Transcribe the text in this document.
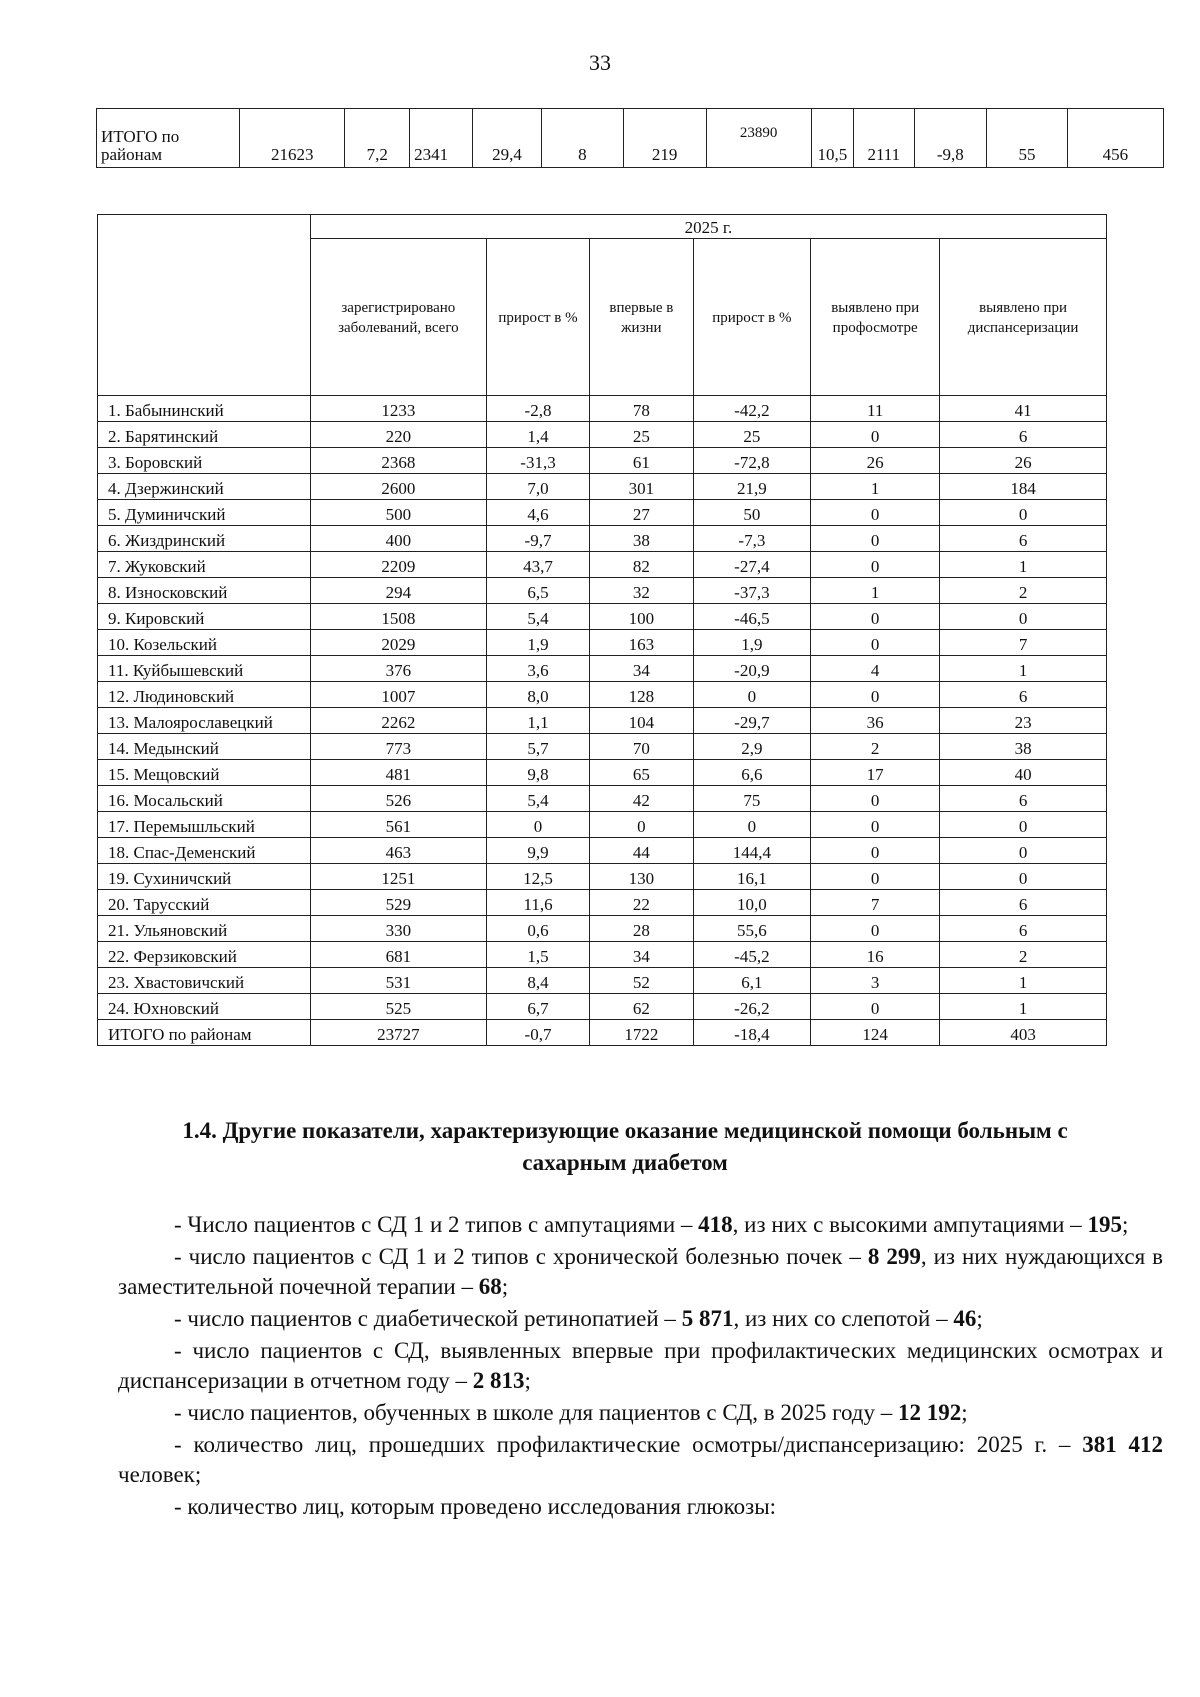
33
ИТОГО по районам	21623	7,2	2341	29,4	8	219	23890	10,5	2111	-9,8	55	456
	2025 г.					
	зарегистрировано заболеваний, всего	прирост в %	впервые в жизни	прирост в %	выявлено при профосмотре	выявлено при диспансеризации
1. Бабынинский	1233	-2,8	78	-42,2	11	41
2. Барятинский	220	1,4	25	25	0	6
3. Боровский	2368	-31,3	61	-72,8	26	26
4. Дзержинский	2600	7,0	301	21,9	1	184
5. Думиничский	500	4,6	27	50	0	0
6. Жиздринский	400	-9,7	38	-7,3	0	6
7. Жуковский	2209	43,7	82	-27,4	0	1
8. Износковский	294	6,5	32	-37,3	1	2
9. Кировский	1508	5,4	100	-46,5	0	0
10. Козельский	2029	1,9	163	1,9	0	7
11. Куйбышевский	376	3,6	34	-20,9	4	1
12. Людиновский	1007	8,0	128	0	0	6
13. Малоярославецкий	2262	1,1	104	-29,7	36	23
14. Медынский	773	5,7	70	2,9	2	38
15. Мещовский	481	9,8	65	6,6	17	40
16. Мосальский	526	5,4	42	75	0	6
17. Перемышльский	561	0	0	0	0	0
18. Спас-Деменский	463	9,9	44	144,4	0	0
19. Сухиничский	1251	12,5	130	16,1	0	0
20. Тарусский	529	11,6	22	10,0	7	6
21. Ульяновский	330	0,6	28	55,6	0	6
22. Ферзиковский	681	1,5	34	-45,2	16	2
23. Хвастовичский	531	8,4	52	6,1	3	1
24. Юхновский	525	6,7	62	-26,2	0	1
ИТОГО по районам	23727	-0,7	1722	-18,4	124	403
1.4. Другие показатели, характеризующие оказание медицинской помощи больным с сахарным диабетом

- Число пациентов с СД 1 и 2 типов с ампутациями – 418, из них с высокими ампутациями – 195;

- число пациентов с СД 1 и 2 типов с хронической болезнью почек – 8 299, из них нуждающихся в заместительной почечной терапии – 68;

- число пациентов с диабетической ретинопатией – 5 871, из них со слепотой – 46;

- число пациентов с СД, выявленных впервые при профилактических медицинских осмотрах и диспансеризации в отчетном году – 2 813;

- число пациентов, обученных в школе для пациентов с СД, в 2025 году – 12 192;

- количество лиц, прошедших профилактические осмотры/диспансеризацию: 2025 г. – 381 412 человек;

- количество лиц, которым проведено исследования глюкозы:
